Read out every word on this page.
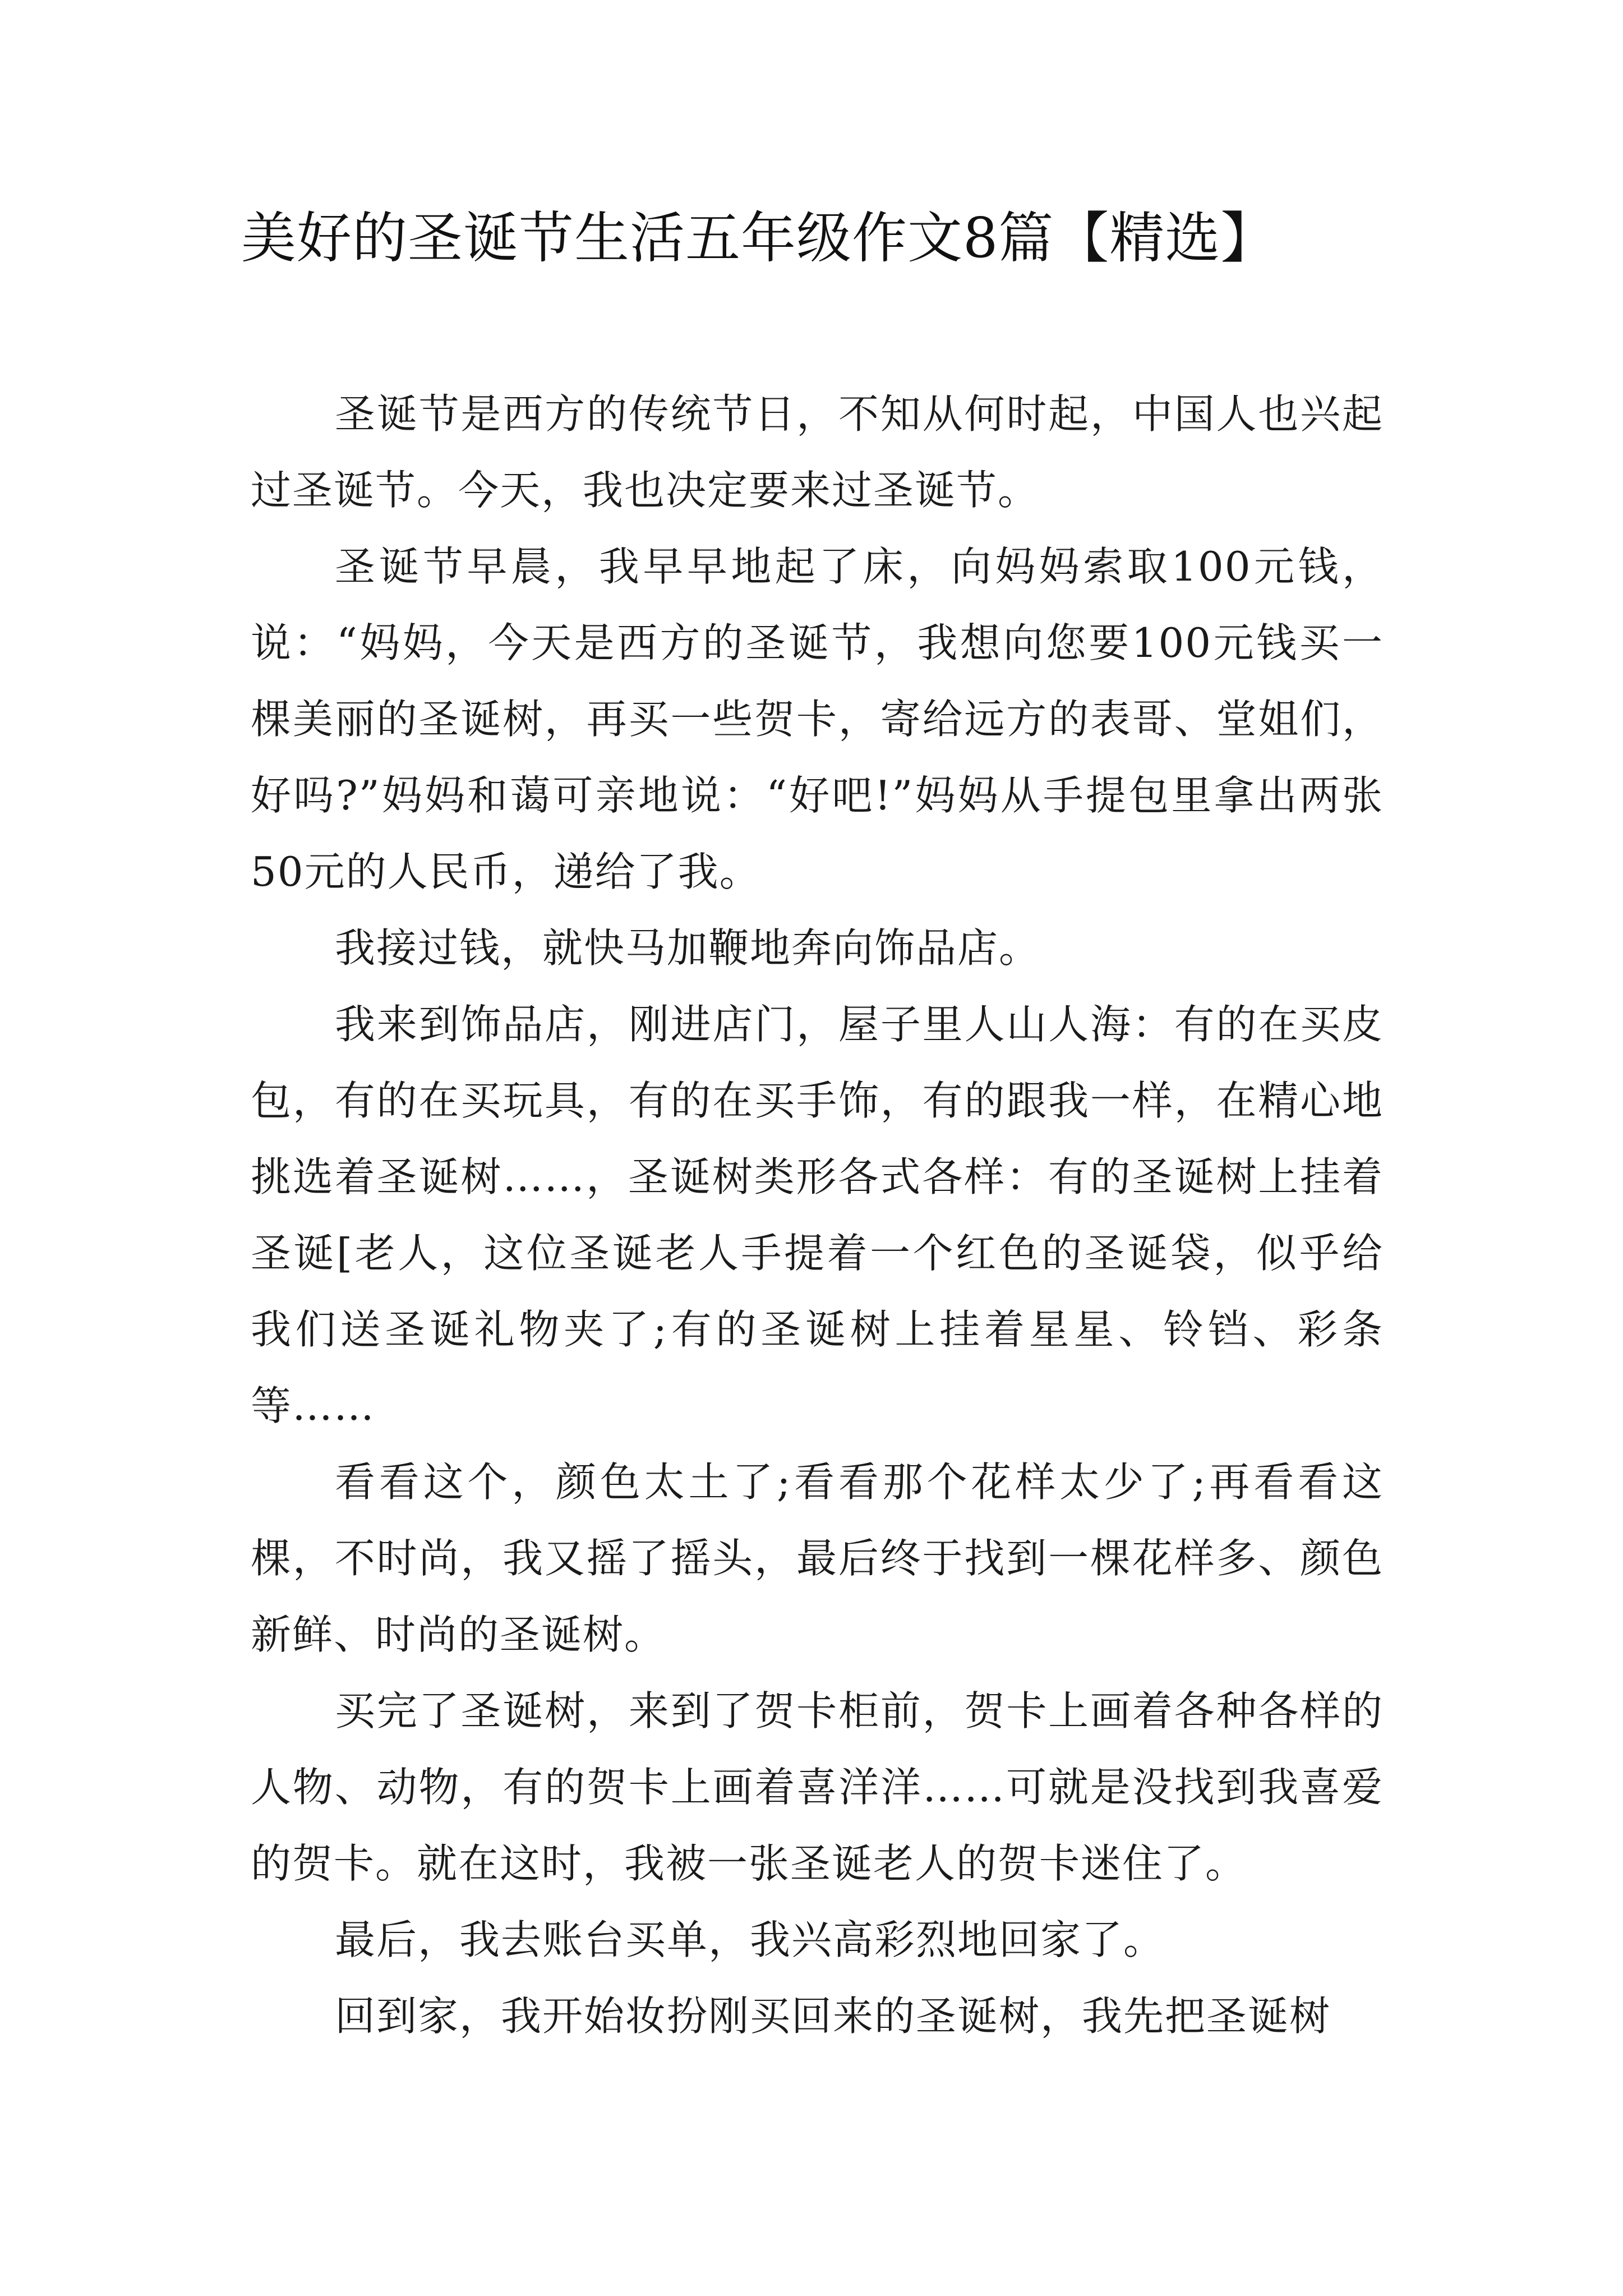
美好的圣诞节生活五年级作文8篇【精选】

圣诞节是西方的传统节日，不知从何时起，中国人也兴起过圣诞节。今天，我也决定要来过圣诞节。

圣诞节早晨，我早早地起了床，向妈妈索取100元钱，说：“妈妈，今天是西方的圣诞节，我想向您要100元钱买一棵美丽的圣诞树，再买一些贺卡，寄给远方的表哥、堂姐们，好吗?”妈妈和蔼可亲地说：“好吧!”妈妈从手提包里拿出两张50元的人民币，递给了我。

我接过钱，就快马加鞭地奔向饰品店。

我来到饰品店，刚进店门，屋子里人山人海：有的在买皮包，有的在买玩具，有的在买手饰，有的跟我一样，在精心地挑选着圣诞树……，圣诞树类形各式各样：有的圣诞树上挂着圣诞[老人，这位圣诞老人手提着一个红色的圣诞袋，似乎给我们送圣诞礼物夹了;有的圣诞树上挂着星星、铃铛、彩条等……

看看这个，颜色太土了;看看那个花样太少了;再看看这棵，不时尚，我又摇了摇头，最后终于找到一棵花样多、颜色新鲜、时尚的圣诞树。

买完了圣诞树，来到了贺卡柜前，贺卡上画着各种各样的人物、动物，有的贺卡上画着喜洋洋……可就是没找到我喜爱的贺卡。就在这时，我被一张圣诞老人的贺卡迷住了。

最后，我去账台买单，我兴高彩烈地回家了。

回到家，我开始妆扮刚买回来的圣诞树，我先把圣诞树
